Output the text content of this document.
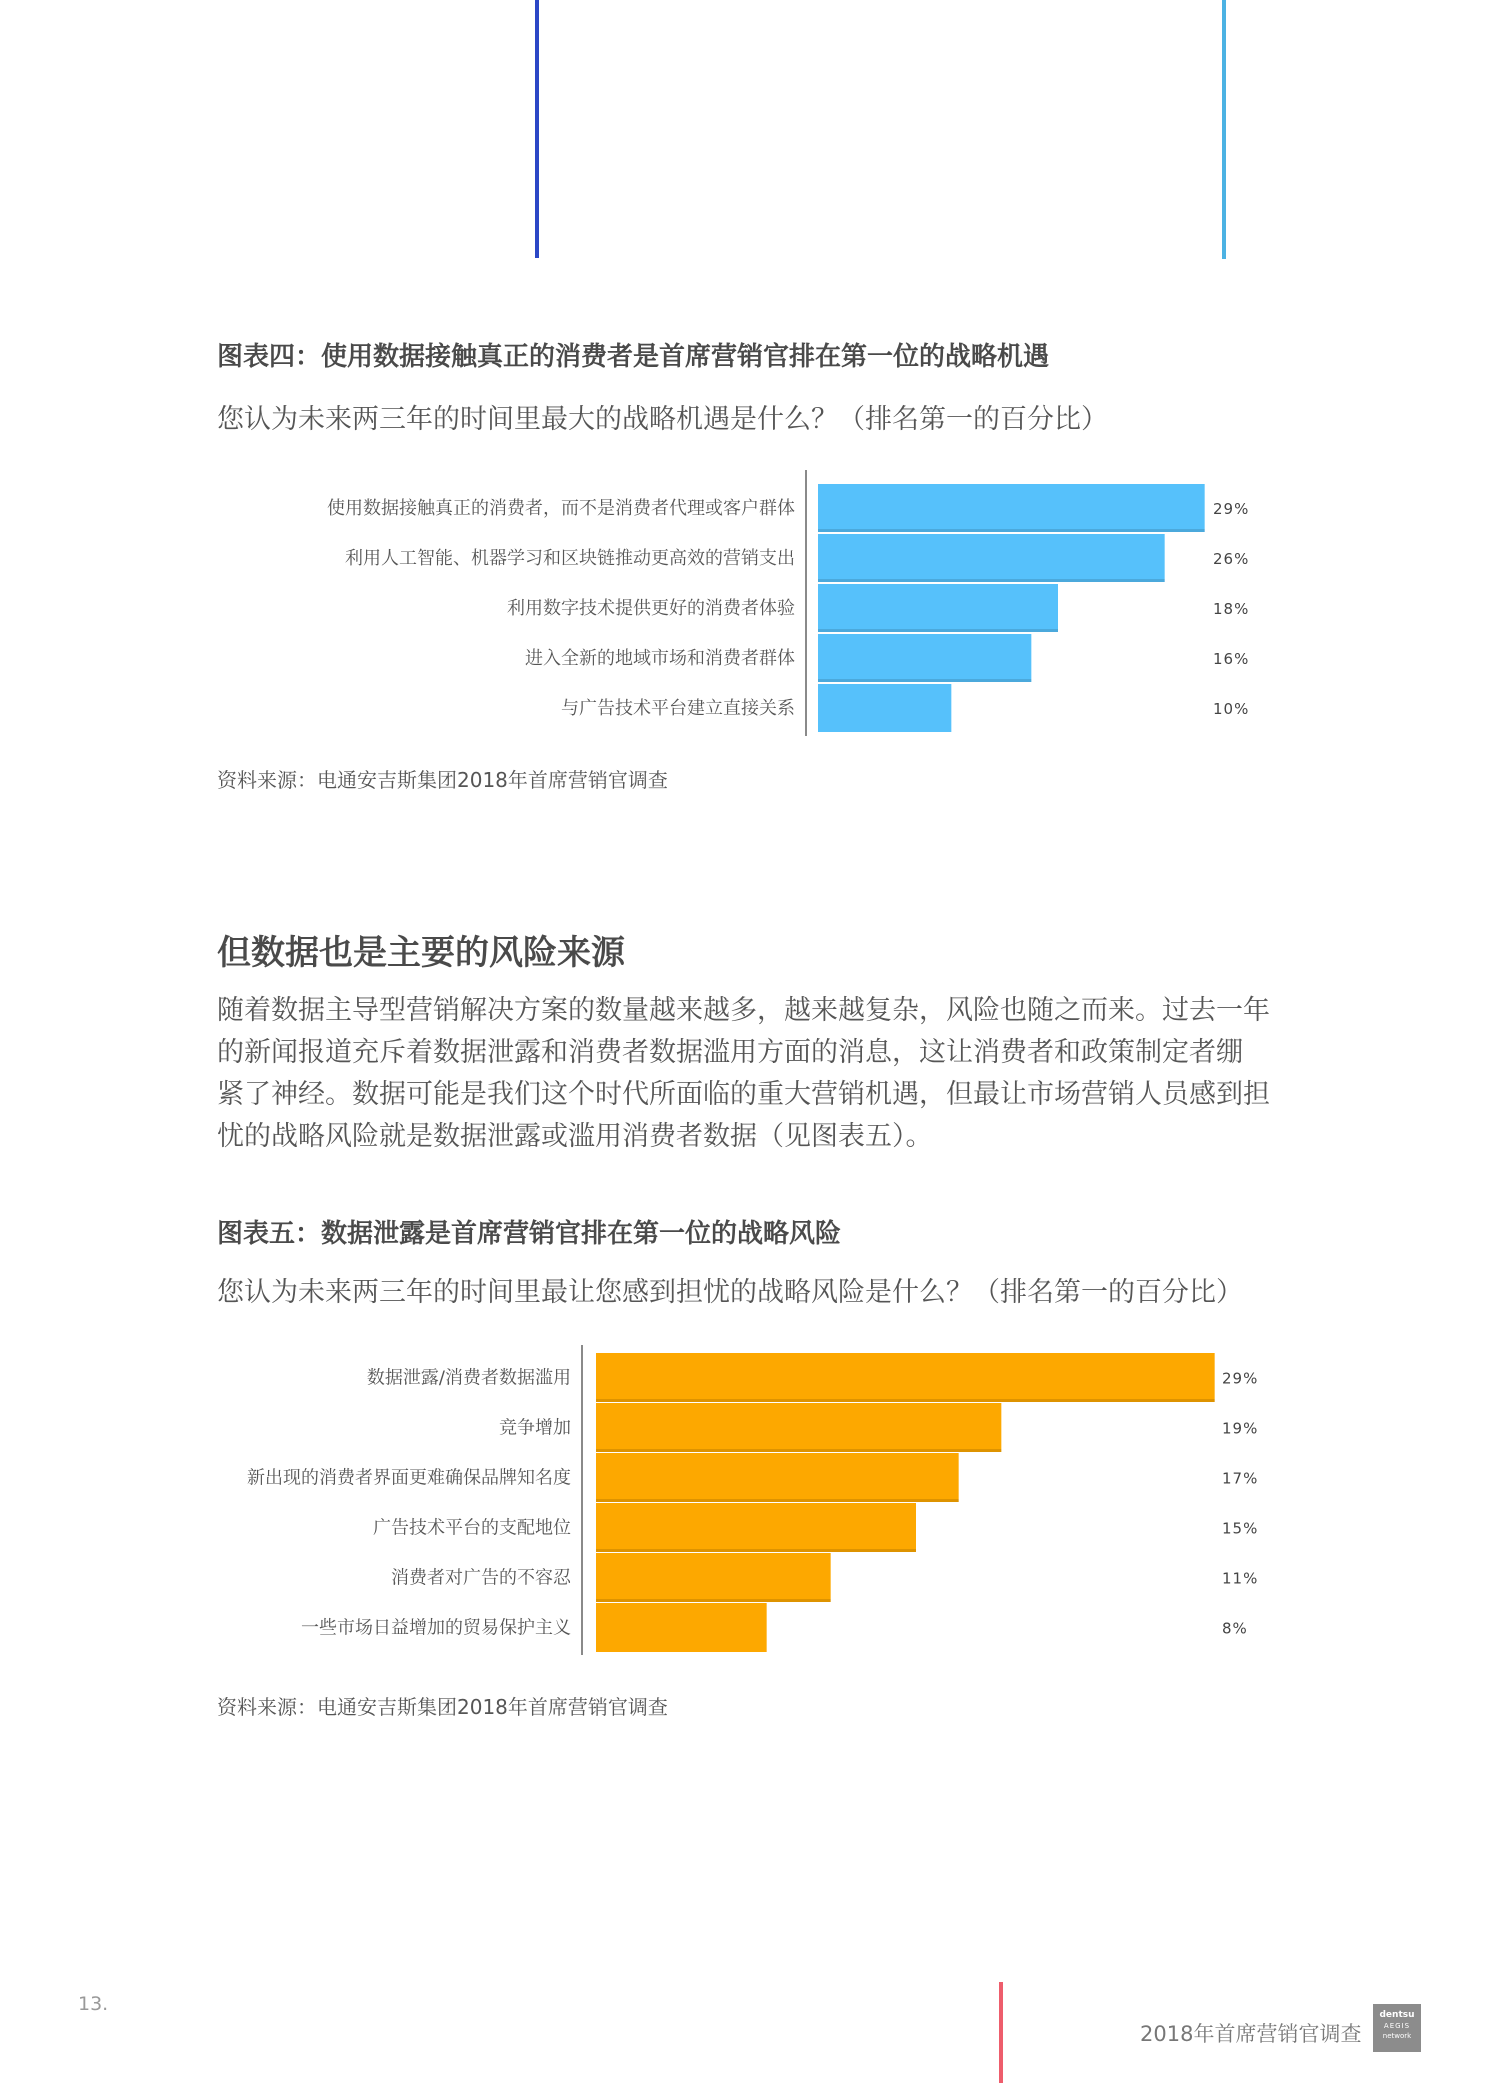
图表四：使用数据接触真正的消费者是首席营销官排在第一位的战略机遇
您认为未来两三年的时间里最大的战略机遇是什么？（排名第一的百分比）
使用数据接触真正的消费者，而不是消费者代理或客户群体	29%
利用人工智能、机器学习和区块链推动更高效的营销支出	26%
利用数字技术提供更好的消费者体验	18%
进入全新的地域市场和消费者群体	16%
与广告技术平台建立直接关系	10%
资料来源：电通安吉斯集团2018年首席营销官调查
但数据也是主要的风险来源

随着数据主导型营销解决方案的数量越来越多，越来越复杂，风险也随之而来。过去一年

的新闻报道充斥着数据泄露和消费者数据滥用方面的消息，这让消费者和政策制定者绷

紧了神经。数据可能是我们这个时代所面临的重大营销机遇，但最让市场营销人员感到担

忧的战略风险就是数据泄露或滥用消费者数据（见图表五）。

图表五：数据泄露是首席营销官排在第一位的战略风险
您认为未来两三年的时间里最让您感到担忧的战略风险是什么？（排名第一的百分比）
数据泄露/消费者数据滥用	29%
竞争增加	19%
新出现的消费者界面更难确保品牌知名度	17%
广告技术平台的支配地位	15%
消费者对广告的不容忍	11%
一些市场日益增加的贸易保护主义	8%
资料来源：电通安吉斯集团2018年首席营销官调查
13.
2018年首席营销官调查
dentsu
AEGIS
network
